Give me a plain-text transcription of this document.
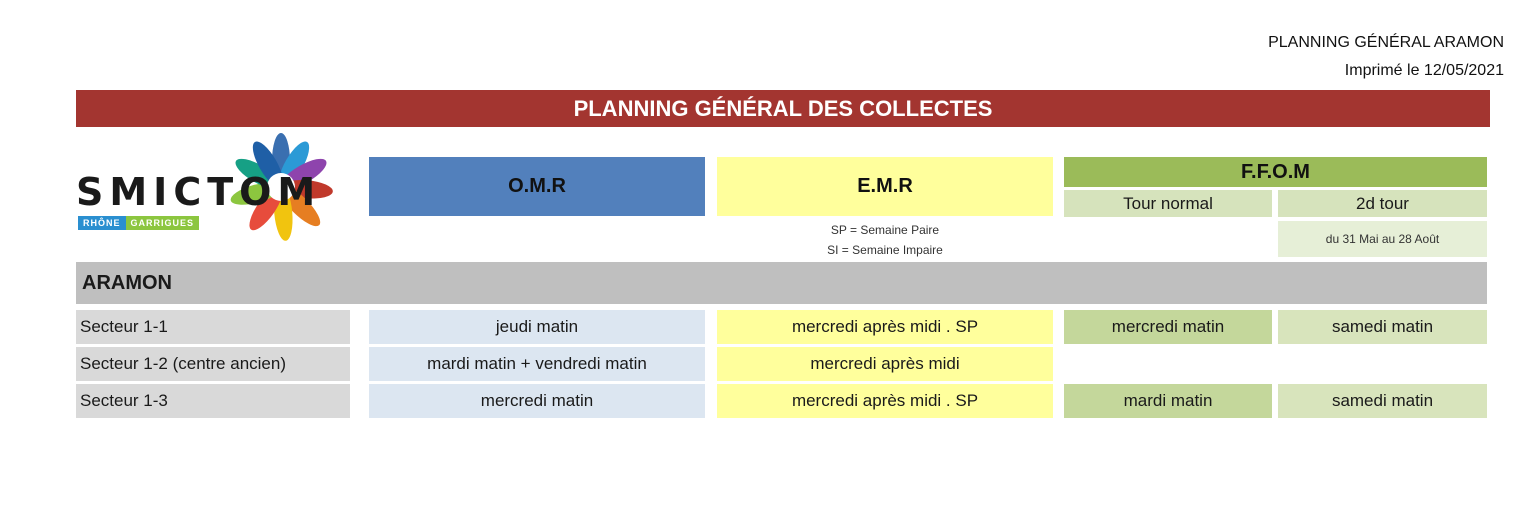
PLANNING GÉNÉRAL ARAMON
Imprimé le 12/05/2021
PLANNING GÉNÉRAL DES COLLECTES
SMICTOM
RHÔNE	GARRIGUES
O.M.R	E.M.R
F.F.O.M
Tour normal	2d tour
SP = Semaine Paire
SI = Semaine Impaire
du 31 Mai au 28 Août
ARAMON
Secteur 1-1	jeudi matin	mercredi après midi . SP	mercredi matin	samedi matin
Secteur 1-2 (centre ancien)	mardi matin + vendredi matin	mercredi après midi
Secteur 1-3	mercredi matin	mercredi après midi . SP	mardi matin	samedi matin
